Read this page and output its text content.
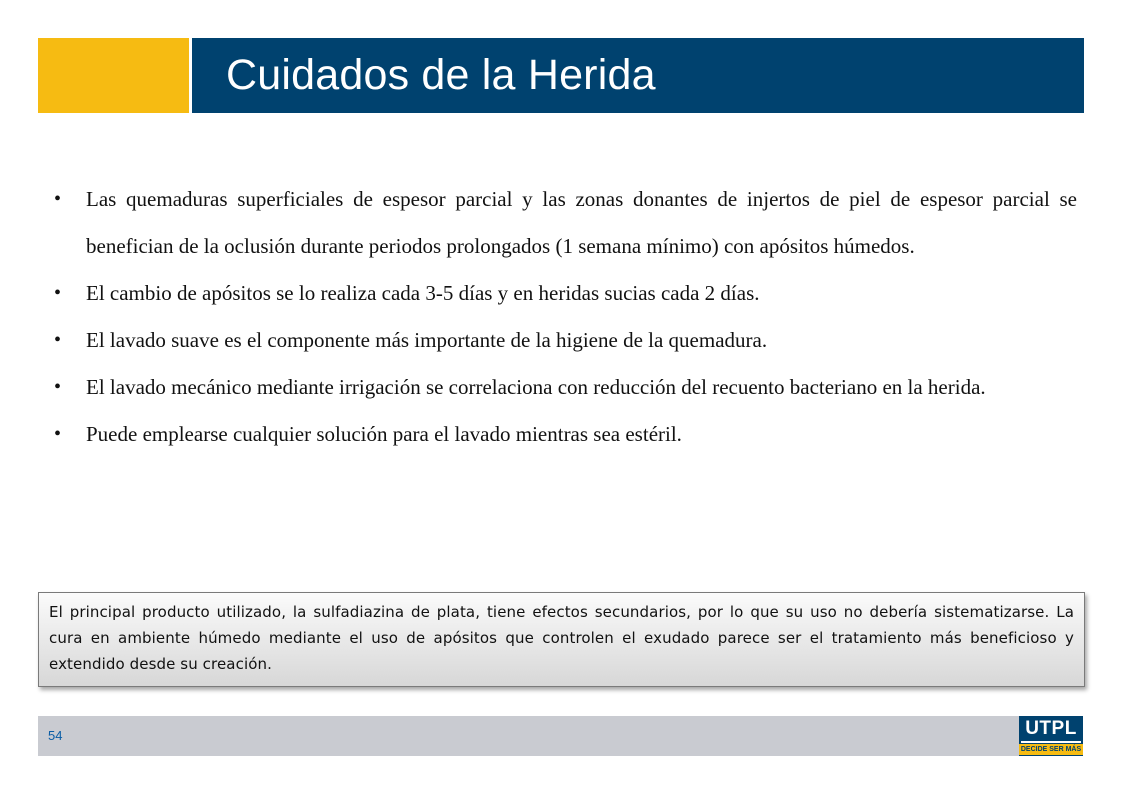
Cuidados de la Herida
• Las quemaduras superficiales de espesor parcial y las zonas donantes de injertos de piel de espesor parcial se benefician de la oclusión durante periodos prolongados (1 semana mínimo) con apósitos húmedos.
• El cambio de apósitos se lo realiza cada 3-5 días y en heridas sucias cada 2 días.
• El lavado suave es el componente más importante de la higiene de la quemadura.
• El lavado mecánico mediante irrigación se correlaciona con reducción del recuento bacteriano en la herida.
• Puede emplearse cualquier solución para el lavado mientras sea estéril.

El principal producto utilizado, la sulfadiazina de plata, tiene efectos secundarios, por lo que su uso no debería sistematizarse. La cura en ambiente húmedo mediante el uso de apósitos que controlen el exudado parece ser el tratamiento más beneficioso y extendido desde su creación.

54	UTPL
DECIDE SER MÁS
